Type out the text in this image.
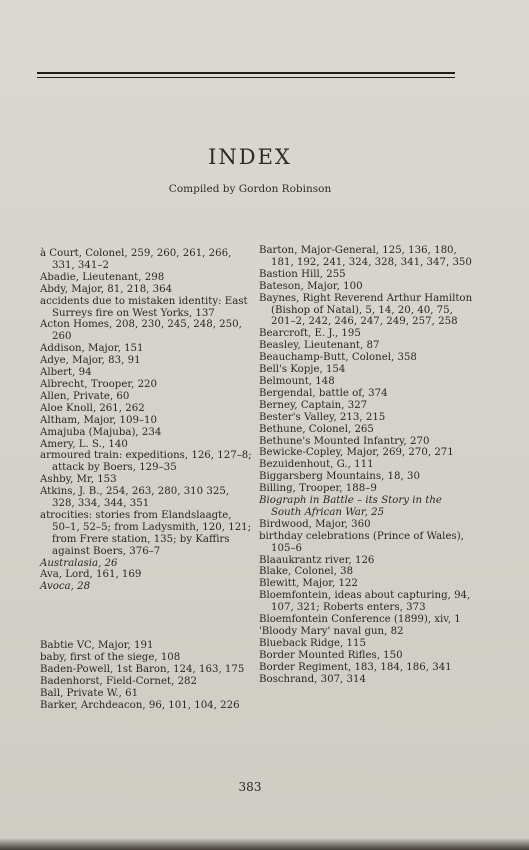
INDEX
Compiled by Gordon Robinson

à Court, Colonel, 259, 260, 261, 266, 331, 341–2

Abadie, Lieutenant, 298

Abdy, Major, 81, 218, 364

accidents due to mistaken identity: East Surreys fire on West Yorks, 137

Acton Homes, 208, 230, 245, 248, 250, 260

Addison, Major, 151

Adye, Major, 83, 91

Albert, 94

Albrecht, Trooper, 220

Allen, Private, 60

Aloe Knoll, 261, 262

Altham, Major, 109–10

Amajuba (Majuba), 234

Amery, L. S., 140

armoured train: expeditions, 126, 127–8; attack by Boers, 129–35

Ashby, Mr, 153

Atkins, J. B., 254, 263, 280, 310 325, 328, 334, 344, 351

atrocities: stories from Elandslaagte, 50–1, 52–5; from Ladysmith, 120, 121; from Frere station, 135; by Kaffirs against Boers, 376–7

Australasia, 26

Ava, Lord, 161, 169

Avoca, 28

Babtie VC, Major, 191

baby, first of the siege, 108

Baden-Powell, 1st Baron, 124, 163, 175

Badenhorst, Field-Cornet, 282

Ball, Private W., 61

Barker, Archdeacon, 96, 101, 104, 226

Barton, Major-General, 125, 136, 180, 181, 192, 241, 324, 328, 341, 347, 350

Bastion Hill, 255

Bateson, Major, 100

Baynes, Right Reverend Arthur Hamilton (Bishop of Natal), 5, 14, 20, 40, 75, 201–2, 242, 246, 247, 249, 257, 258

Bearcroft, E. J., 195

Beasley, Lieutenant, 87

Beauchamp-Butt, Colonel, 358

Bell's Kopje, 154

Belmount, 148

Bergendal, battle of, 374

Berney, Captain, 327

Bester's Valley, 213, 215

Bethune, Colonel, 265

Bethune's Mounted Infantry, 270

Bewicke-Copley, Major, 269, 270, 271

Bezuidenhout, G., 111

Biggarsberg Mountains, 18, 30

Billing, Trooper, 188–9

Biograph in Battle – its Story in the South African War, 25

Birdwood, Major, 360

birthday celebrations (Prince of Wales), 105–6

Blaaukrantz river, 126

Blake, Colonel, 38

Blewitt, Major, 122

Bloemfontein, ideas about capturing, 94, 107, 321; Roberts enters, 373

Bloemfontein Conference (1899), xiv, 1

'Bloody Mary' naval gun, 82

Blueback Ridge, 115

Border Mounted Rifles, 150

Border Regiment, 183, 184, 186, 341

Boschrand, 307, 314

383
